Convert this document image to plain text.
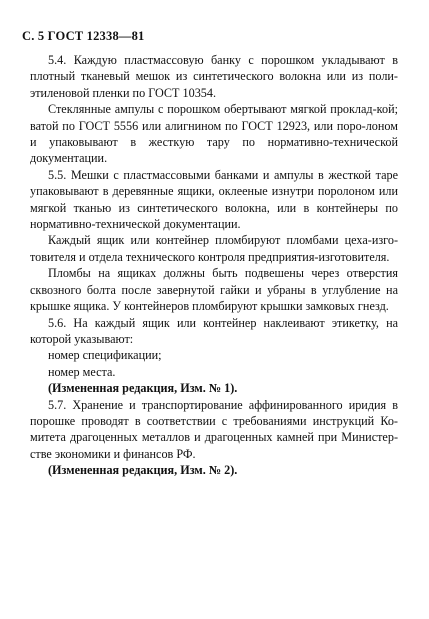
С. 5 ГОСТ 12338—81

5.4. Каждую пластмассовую банку с порошком укладывают в плотный тканевый мешок из синтетического волокна или из поли-этиленовой пленки по ГОСТ 10354.

Стеклянные ампулы с порошком обертывают мягкой проклад-кой; ватой по ГОСТ 5556 или алигнином по ГОСТ 12923, или поро-лоном и упаковывают в жесткую тару по нормативно-технической документации.

5.5. Мешки с пластмассовыми банками и ампулы в жесткой таре упаковывают в деревянные ящики, оклееные изнутри поролоном или мягкой тканью из синтетического волокна, или в контейнеры по нормативно-технической документации.

Каждый ящик или контейнер пломбируют пломбами цеха-изго-товителя и отдела технического контроля предприятия-изготовителя.

Пломбы на ящиках должны быть подвешены через отверстия сквозного болта после завернутой гайки и убраны в углубление на крышке ящика. У контейнеров пломбируют крышки замковых гнезд.

5.6. На каждый ящик или контейнер наклеивают этикетку, на которой указывают:

номер спецификации;

номер места.

(Измененная редакция, Изм. № 1).

5.7. Хранение и транспортирование аффинированного иридия в порошке проводят в соответствии с требованиями инструкций Ко-митета драгоценных металлов и драгоценных камней при Министер-стве экономики и финансов РФ.

(Измененная редакция, Изм. № 2).
